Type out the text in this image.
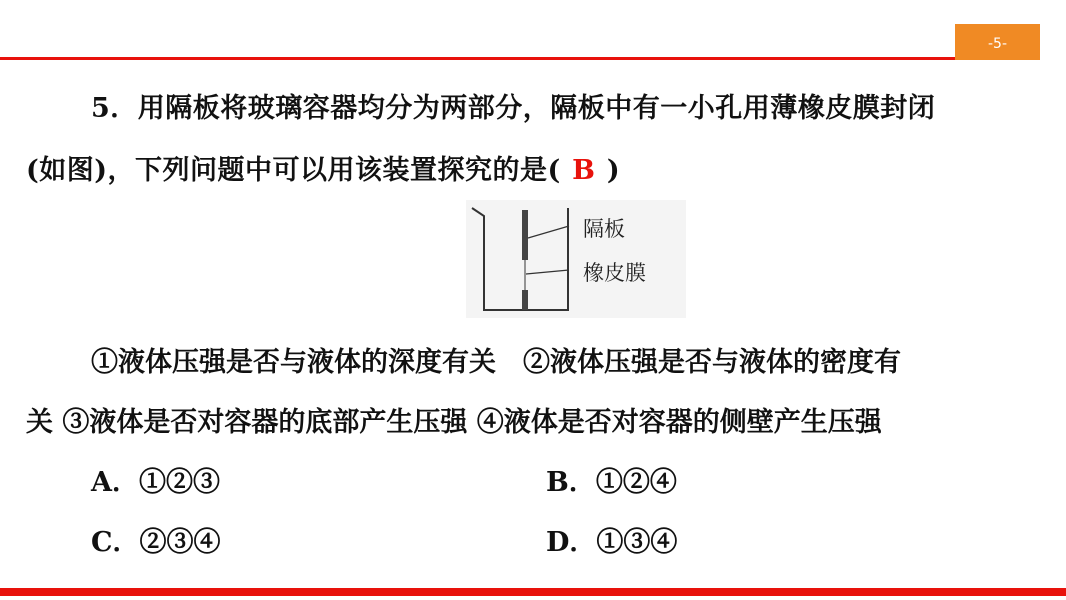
-5-
5．用隔板将玻璃容器均分为两部分，隔板中有一小孔用薄橡皮膜封闭
(如图)，下列问题中可以用该装置探究的是( B )
隔板
橡皮膜
①液体压强是否与液体的深度有关　②液体压强是否与液体的密度有
关 ③液体是否对容器的底部产生压强 ④液体是否对容器的侧壁产生压强
A．①②③	B．①②④
C．②③④	D．①③④
